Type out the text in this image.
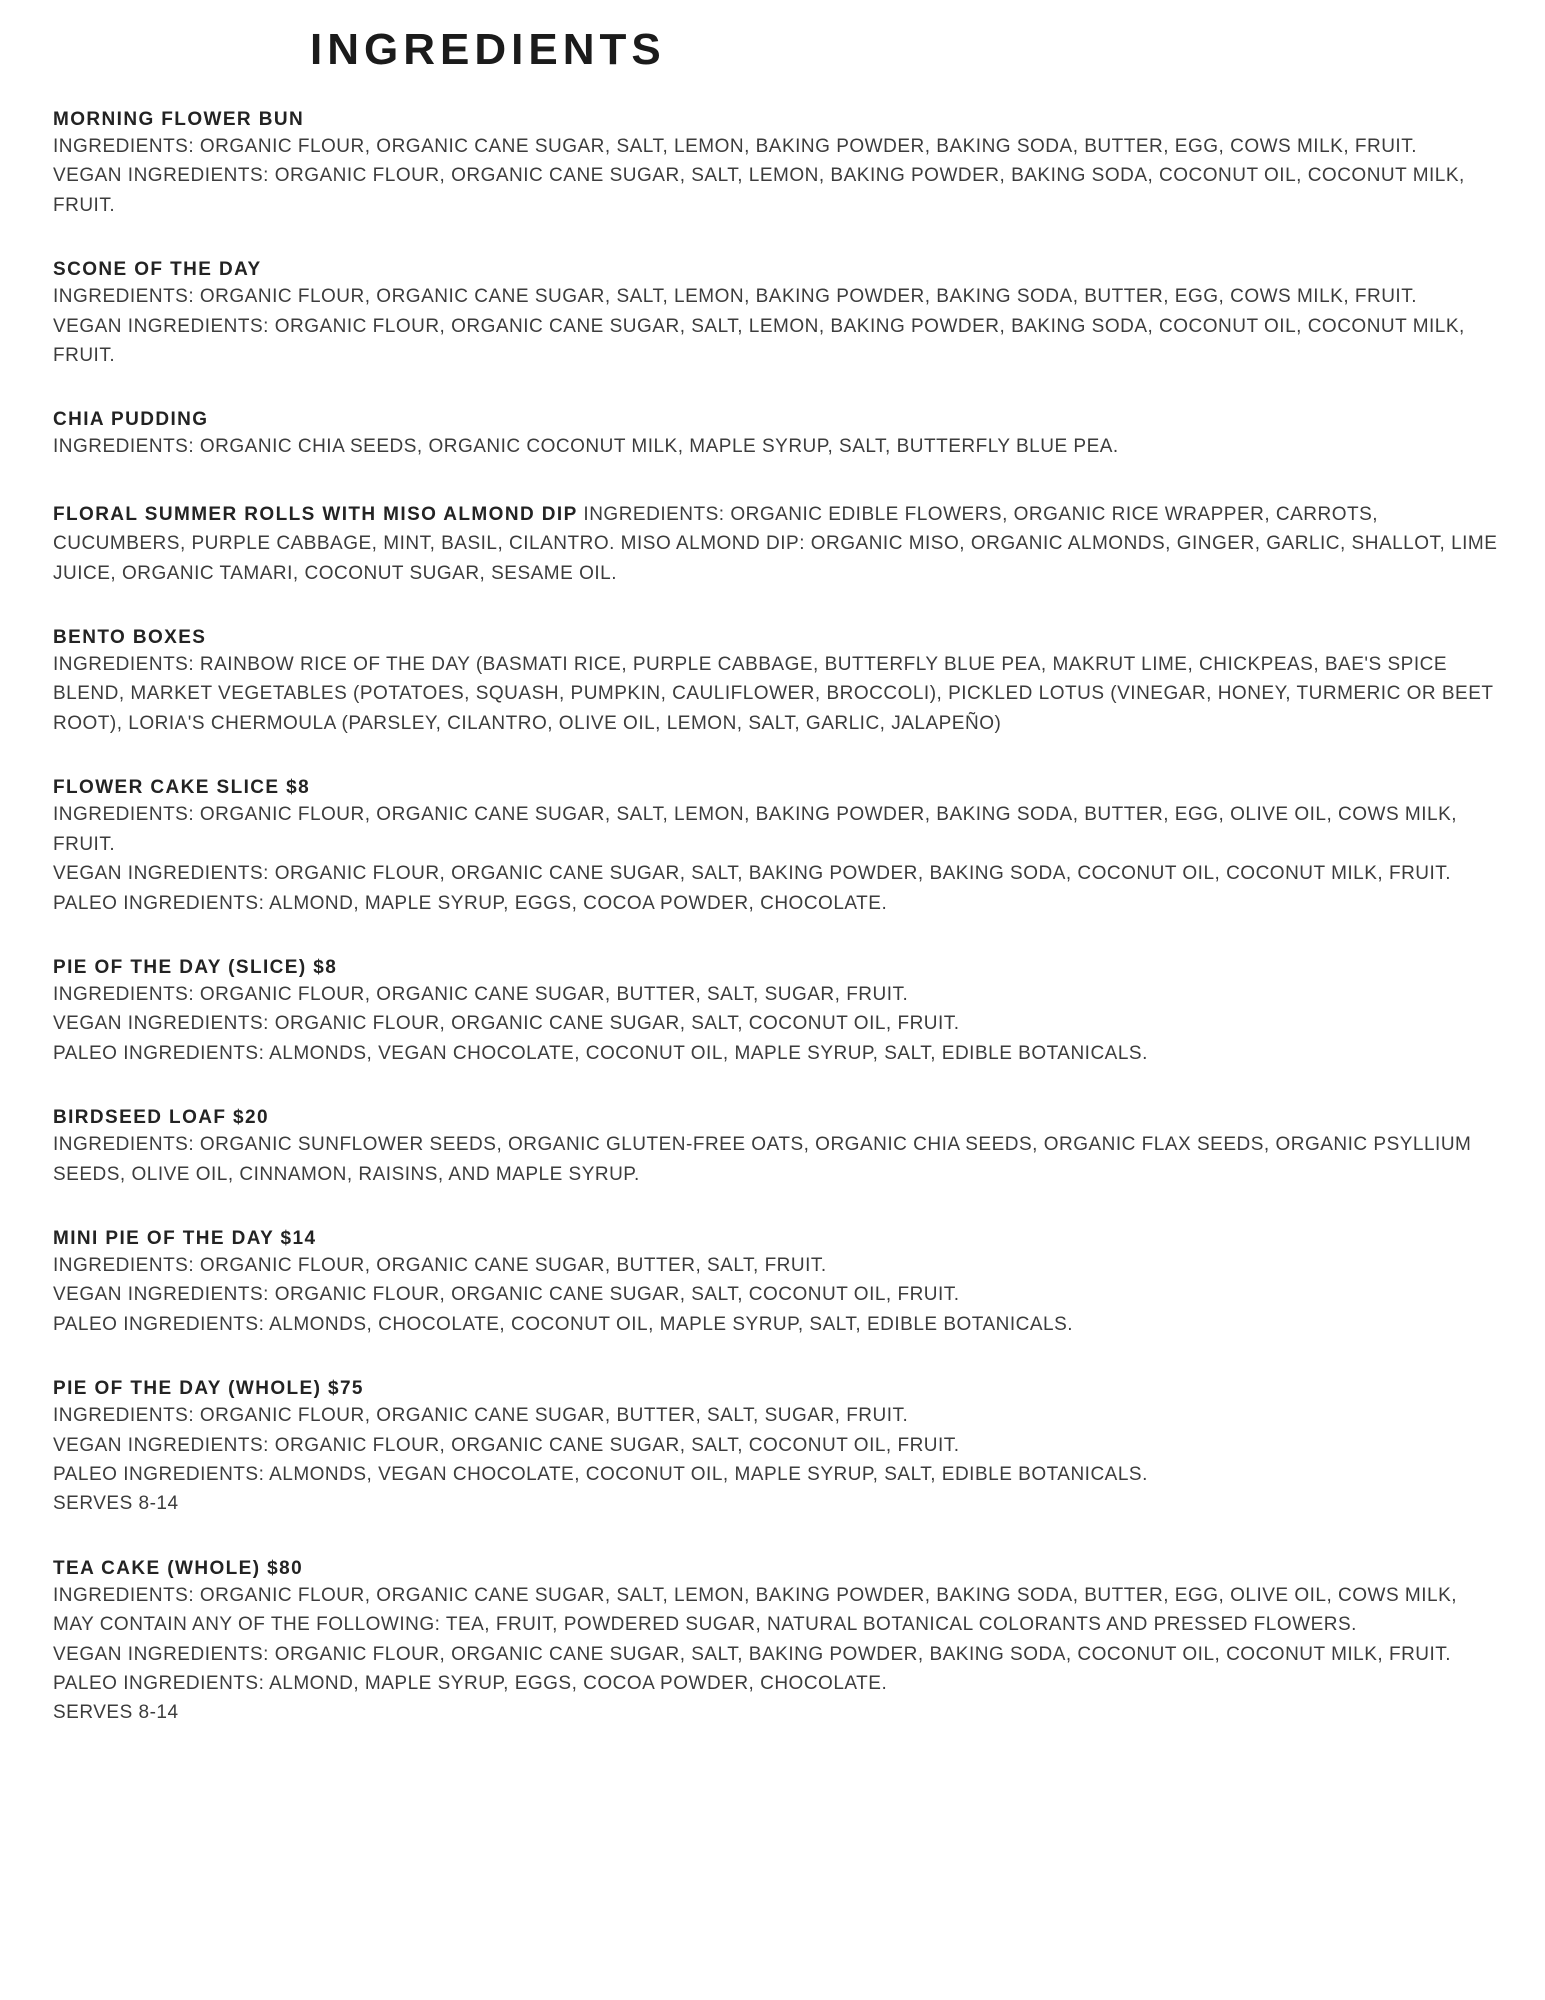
INGREDIENTS
MORNING FLOWER BUN

INGREDIENTS: ORGANIC FLOUR, ORGANIC CANE SUGAR, SALT, LEMON, BAKING POWDER, BAKING SODA, BUTTER, EGG, COWS MILK, FRUIT.

VEGAN INGREDIENTS: ORGANIC FLOUR, ORGANIC CANE SUGAR, SALT, LEMON, BAKING POWDER, BAKING SODA, COCONUT OIL, COCONUT MILK, FRUIT.

SCONE OF THE DAY

INGREDIENTS: ORGANIC FLOUR, ORGANIC CANE SUGAR, SALT, LEMON, BAKING POWDER, BAKING SODA, BUTTER, EGG, COWS MILK, FRUIT.

VEGAN INGREDIENTS: ORGANIC FLOUR, ORGANIC CANE SUGAR, SALT, LEMON, BAKING POWDER, BAKING SODA, COCONUT OIL, COCONUT MILK, FRUIT.

CHIA PUDDING

INGREDIENTS: ORGANIC CHIA SEEDS, ORGANIC COCONUT MILK, MAPLE SYRUP, SALT, BUTTERFLY BLUE PEA.

FLORAL SUMMER ROLLS WITH MISO ALMOND DIP INGREDIENTS: ORGANIC EDIBLE FLOWERS, ORGANIC RICE WRAPPER, CARROTS, CUCUMBERS, PURPLE CABBAGE, MINT, BASIL, CILANTRO. MISO ALMOND DIP: ORGANIC MISO, ORGANIC ALMONDS, GINGER, GARLIC, SHALLOT, LIME JUICE, ORGANIC TAMARI, COCONUT SUGAR, SESAME OIL.

BENTO BOXES

INGREDIENTS: RAINBOW RICE OF THE DAY (BASMATI RICE, PURPLE CABBAGE, BUTTERFLY BLUE PEA, MAKRUT LIME, CHICKPEAS, BAE'S SPICE BLEND, MARKET VEGETABLES (POTATOES, SQUASH, PUMPKIN, CAULIFLOWER, BROCCOLI), PICKLED LOTUS (VINEGAR, HONEY, TURMERIC OR BEET ROOT), LORIA'S CHERMOULA (PARSLEY, CILANTRO, OLIVE OIL, LEMON, SALT, GARLIC, JALAPEÑO)

FLOWER CAKE SLICE $8

INGREDIENTS: ORGANIC FLOUR, ORGANIC CANE SUGAR, SALT, LEMON, BAKING POWDER, BAKING SODA, BUTTER, EGG, OLIVE OIL, COWS MILK, FRUIT.

VEGAN INGREDIENTS: ORGANIC FLOUR, ORGANIC CANE SUGAR, SALT, BAKING POWDER, BAKING SODA, COCONUT OIL, COCONUT MILK, FRUIT.

PALEO INGREDIENTS: ALMOND, MAPLE SYRUP, EGGS, COCOA POWDER, CHOCOLATE.

PIE OF THE DAY (SLICE) $8

INGREDIENTS: ORGANIC FLOUR, ORGANIC CANE SUGAR, BUTTER, SALT, SUGAR, FRUIT.

VEGAN INGREDIENTS: ORGANIC FLOUR, ORGANIC CANE SUGAR, SALT, COCONUT OIL, FRUIT.

PALEO INGREDIENTS: ALMONDS, VEGAN CHOCOLATE, COCONUT OIL, MAPLE SYRUP, SALT, EDIBLE BOTANICALS.

BIRDSEED LOAF $20

INGREDIENTS: ORGANIC SUNFLOWER SEEDS, ORGANIC GLUTEN-FREE OATS, ORGANIC CHIA SEEDS, ORGANIC FLAX SEEDS, ORGANIC PSYLLIUM SEEDS, OLIVE OIL, CINNAMON, RAISINS, AND MAPLE SYRUP.

MINI PIE OF THE DAY $14

INGREDIENTS: ORGANIC FLOUR, ORGANIC CANE SUGAR, BUTTER, SALT, FRUIT.

VEGAN INGREDIENTS: ORGANIC FLOUR, ORGANIC CANE SUGAR, SALT, COCONUT OIL, FRUIT.

PALEO INGREDIENTS: ALMONDS, CHOCOLATE, COCONUT OIL, MAPLE SYRUP, SALT, EDIBLE BOTANICALS.

PIE OF THE DAY (WHOLE) $75

INGREDIENTS: ORGANIC FLOUR, ORGANIC CANE SUGAR, BUTTER, SALT, SUGAR, FRUIT.

VEGAN INGREDIENTS: ORGANIC FLOUR, ORGANIC CANE SUGAR, SALT, COCONUT OIL, FRUIT.

PALEO INGREDIENTS: ALMONDS, VEGAN CHOCOLATE, COCONUT OIL, MAPLE SYRUP, SALT, EDIBLE BOTANICALS.

SERVES 8-14

TEA CAKE (WHOLE) $80

INGREDIENTS: ORGANIC FLOUR, ORGANIC CANE SUGAR, SALT, LEMON, BAKING POWDER, BAKING SODA, BUTTER, EGG, OLIVE OIL, COWS MILK, MAY CONTAIN ANY OF THE FOLLOWING: TEA, FRUIT, POWDERED SUGAR, NATURAL BOTANICAL COLORANTS AND PRESSED FLOWERS.

VEGAN INGREDIENTS: ORGANIC FLOUR, ORGANIC CANE SUGAR, SALT, BAKING POWDER, BAKING SODA, COCONUT OIL, COCONUT MILK, FRUIT.

PALEO INGREDIENTS: ALMOND, MAPLE SYRUP, EGGS, COCOA POWDER, CHOCOLATE.

SERVES 8-14
